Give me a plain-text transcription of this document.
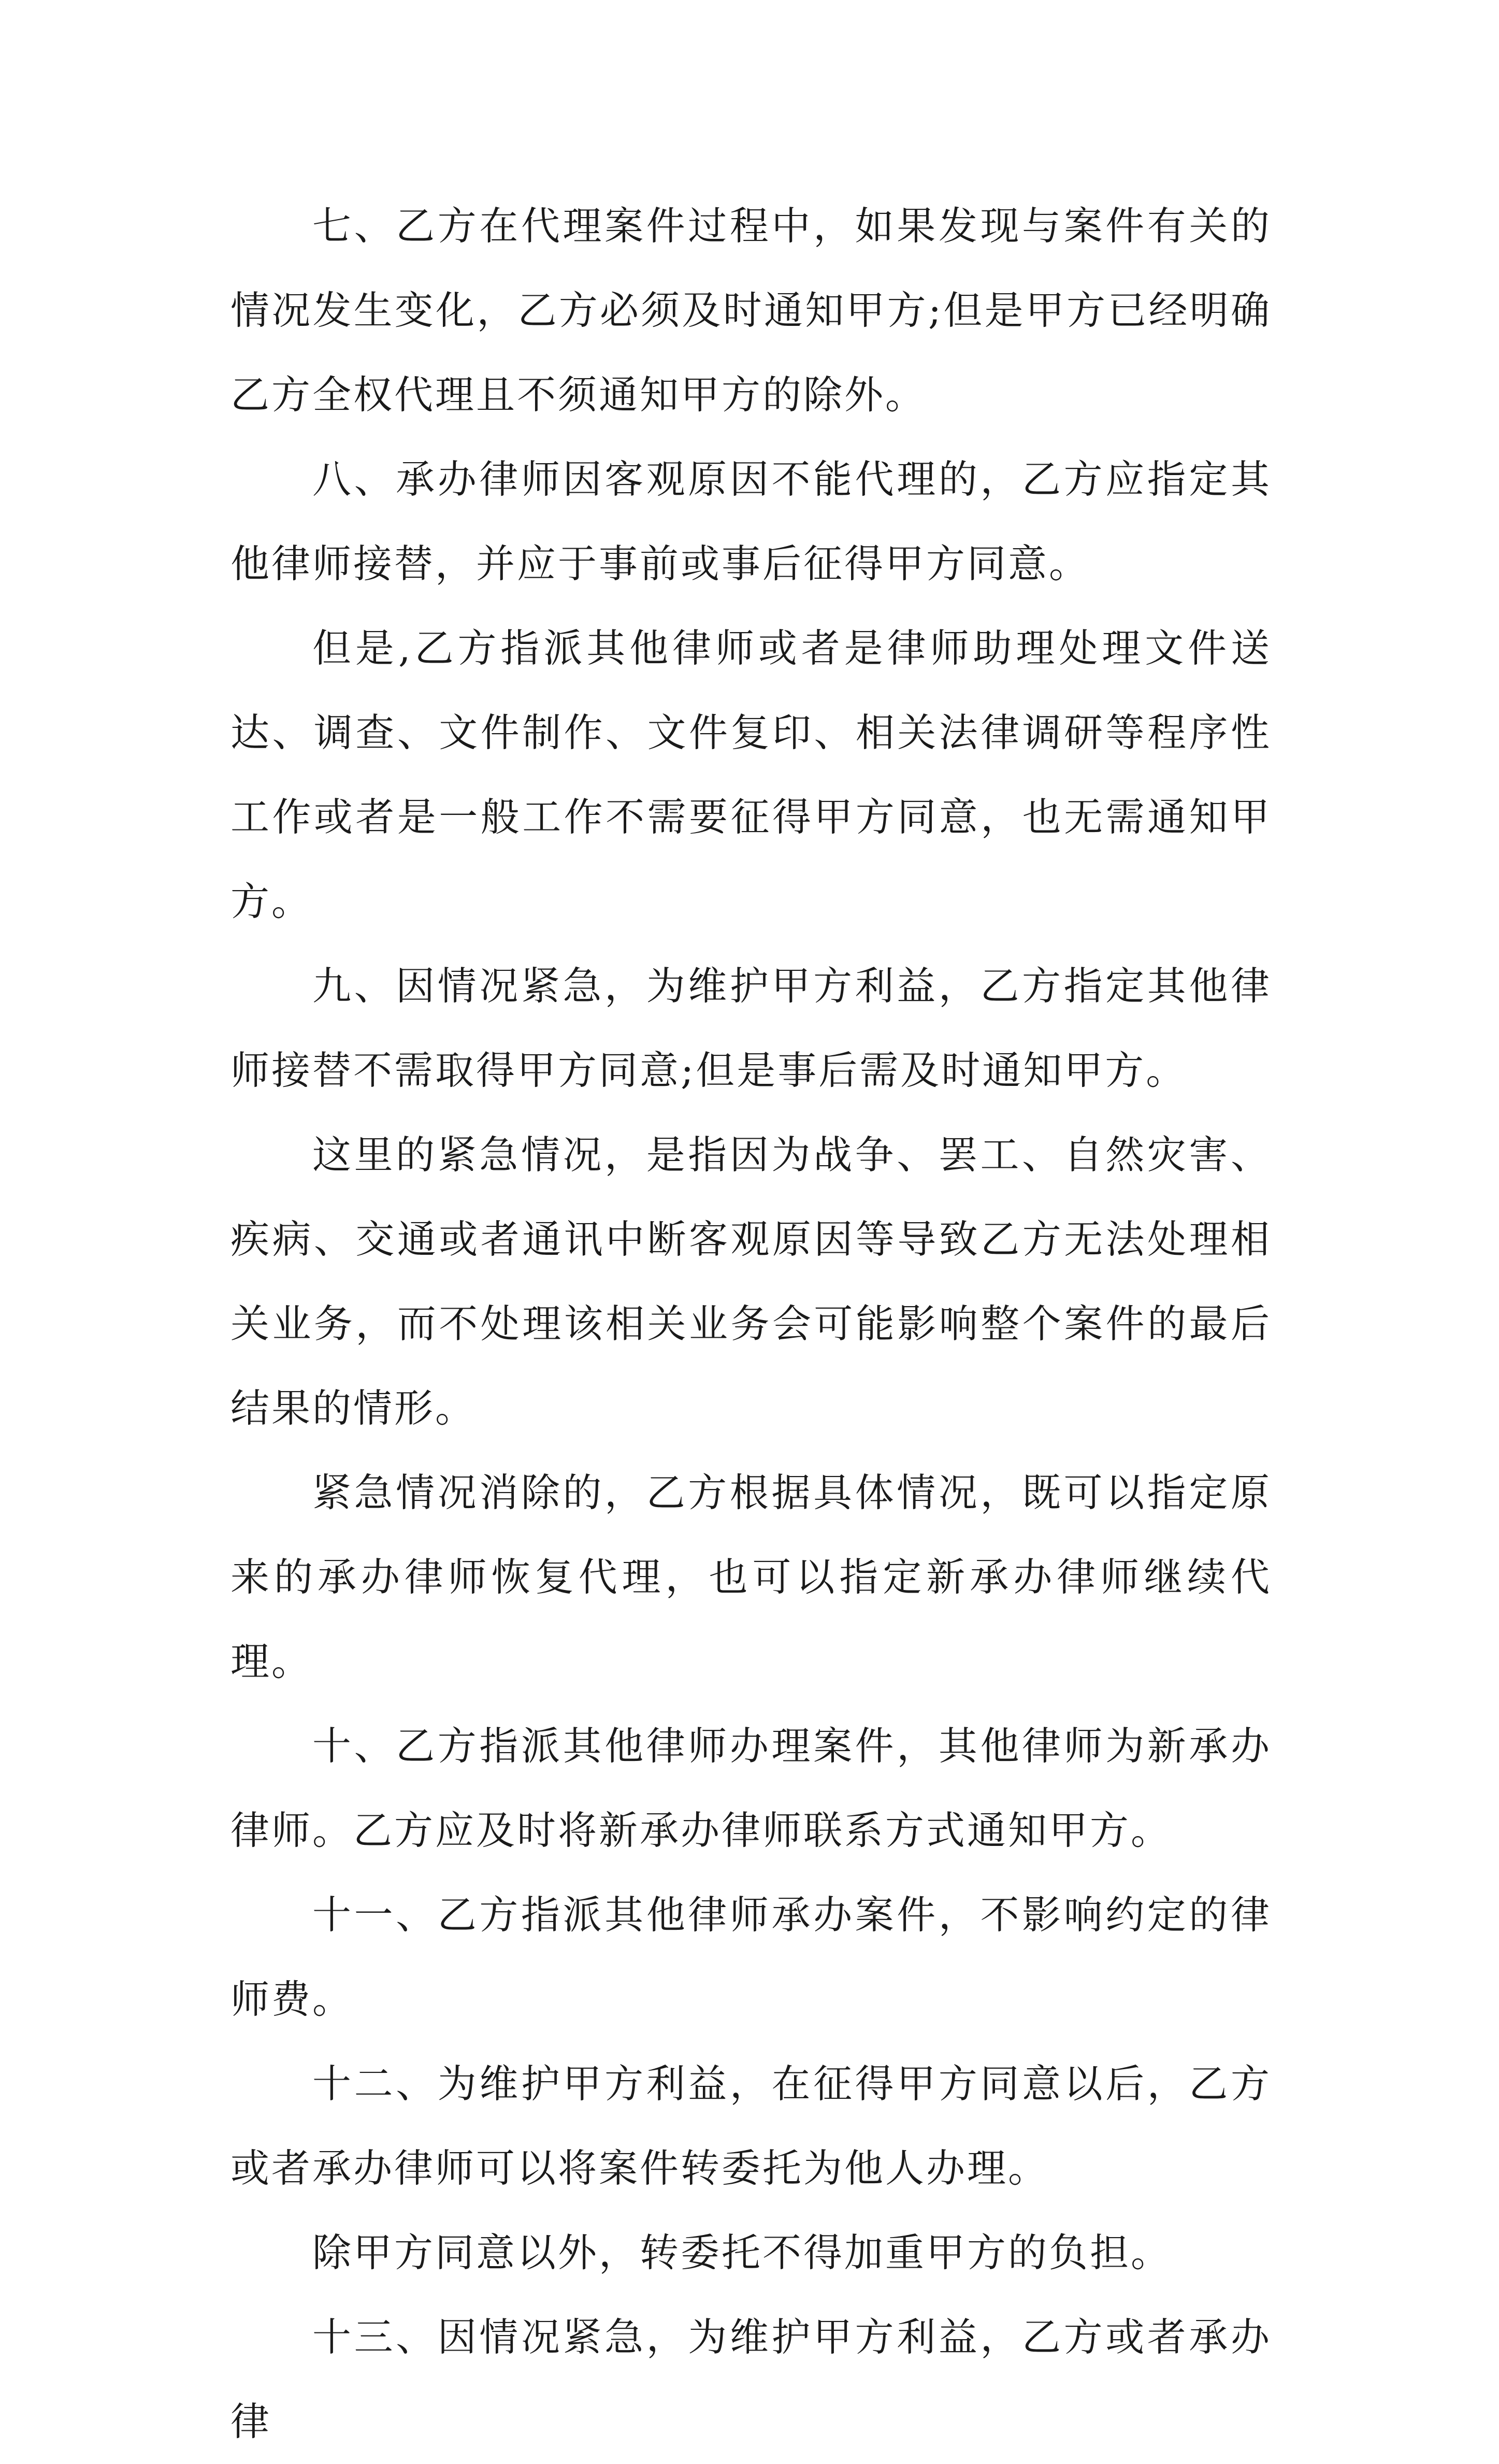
七、乙方在代理案件过程中，如果发现与案件有关的情况发生变化，乙方必须及时通知甲方;但是甲方已经明确乙方全权代理且不须通知甲方的除外。

八、承办律师因客观原因不能代理的，乙方应指定其他律师接替，并应于事前或事后征得甲方同意。

但是,乙方指派其他律师或者是律师助理处理文件送达、调查、文件制作、文件复印、相关法律调研等程序性工作或者是一般工作不需要征得甲方同意，也无需通知甲方。

九、因情况紧急，为维护甲方利益，乙方指定其他律师接替不需取得甲方同意;但是事后需及时通知甲方。

这里的紧急情况，是指因为战争、罢工、自然灾害、疾病、交通或者通讯中断客观原因等导致乙方无法处理相关业务，而不处理该相关业务会可能影响整个案件的最后结果的情形。

紧急情况消除的，乙方根据具体情况，既可以指定原来的承办律师恢复代理，也可以指定新承办律师继续代理。

十、乙方指派其他律师办理案件，其他律师为新承办律师。乙方应及时将新承办律师联系方式通知甲方。

十一、乙方指派其他律师承办案件，不影响约定的律师费。

十二、为维护甲方利益，在征得甲方同意以后，乙方或者承办律师可以将案件转委托为他人办理。

除甲方同意以外，转委托不得加重甲方的负担。

十三、因情况紧急，为维护甲方利益，乙方或者承办律
